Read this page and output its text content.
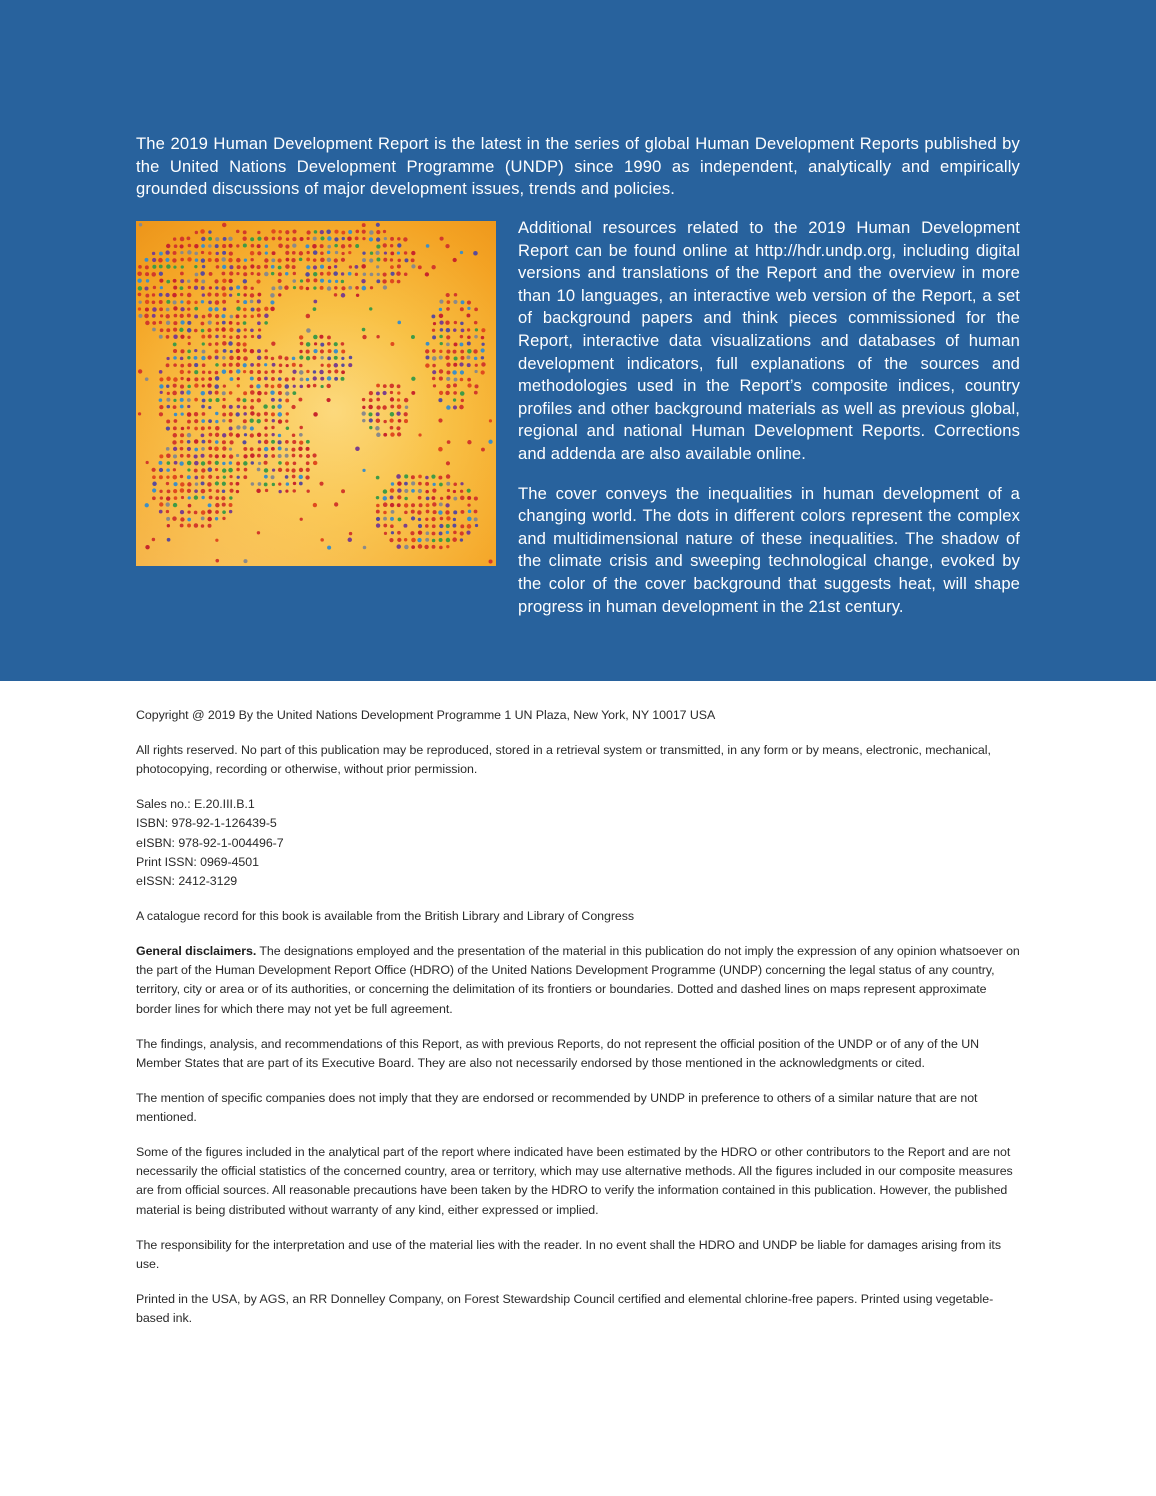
The 2019 Human Development Report is the latest in the series of global Human Development Reports published by the United Nations Development Programme (UNDP) since 1990 as independent, analytically and empirically grounded discussions of major development issues, trends and policies.

Additional resources related to the 2019 Human Development Report can be found online at http://hdr.undp.org, including digital versions and translations of the Report and the overview in more than 10 languages, an interactive web version of the Report, a set of background papers and think pieces commissioned for the Report, interactive data visualizations and databases of human development indicators, full explanations of the sources and methodologies used in the Report’s composite indices, country profiles and other background materials as well as previous global, regional and national Human Development Reports. Corrections and addenda are also available online.

The cover conveys the inequalities in human development of a changing world. The dots in different colors represent the complex and multidimensional nature of these inequalities. The shadow of the climate crisis and sweeping technological change, evoked by the color of the cover background that suggests heat, will shape progress in human development in the 21st century.

Copyright @ 2019 By the United Nations Development Programme 1 UN Plaza, New York, NY 10017 USA

All rights reserved. No part of this publication may be reproduced, stored in a retrieval system or transmitted, in any form or by means, electronic, mechanical, photocopying, recording or otherwise, without prior permission.

Sales no.: E.20.III.B.1
ISBN: 978-92-1-126439-5
eISBN: 978-92-1-004496-7
Print ISSN: 0969-4501
eISSN: 2412-3129

A catalogue record for this book is available from the British Library and Library of Congress

General disclaimers. The designations employed and the presentation of the material in this publication do not imply the expression of any opinion whatsoever on the part of the Human Development Report Office (HDRO) of the United Nations Development Programme (UNDP) concerning the legal status of any country, territory, city or area or of its authorities, or concerning the delimitation of its frontiers or boundaries. Dotted and dashed lines on maps represent approximate border lines for which there may not yet be full agreement.

The findings, analysis, and recommendations of this Report, as with previous Reports, do not represent the official position of the UNDP or of any of the UN Member States that are part of its Executive Board. They are also not necessarily endorsed by those mentioned in the acknowledgments or cited.

The mention of specific companies does not imply that they are endorsed or recommended by UNDP in preference to others of a similar nature that are not mentioned.

Some of the figures included in the analytical part of the report where indicated have been estimated by the HDRO or other contributors to the Report and are not necessarily the official statistics of the concerned country, area or territory, which may use alternative methods. All the figures included in our composite measures are from official sources. All reasonable precautions have been taken by the HDRO to verify the information contained in this publication. However, the published material is being distributed without warranty of any kind, either expressed or implied.

The responsibility for the interpretation and use of the material lies with the reader. In no event shall the HDRO and UNDP be liable for damages arising from its use.

Printed in the USA, by AGS, an RR Donnelley Company, on Forest Stewardship Council certified and elemental chlorine-free papers. Printed using vegetable-based ink.
